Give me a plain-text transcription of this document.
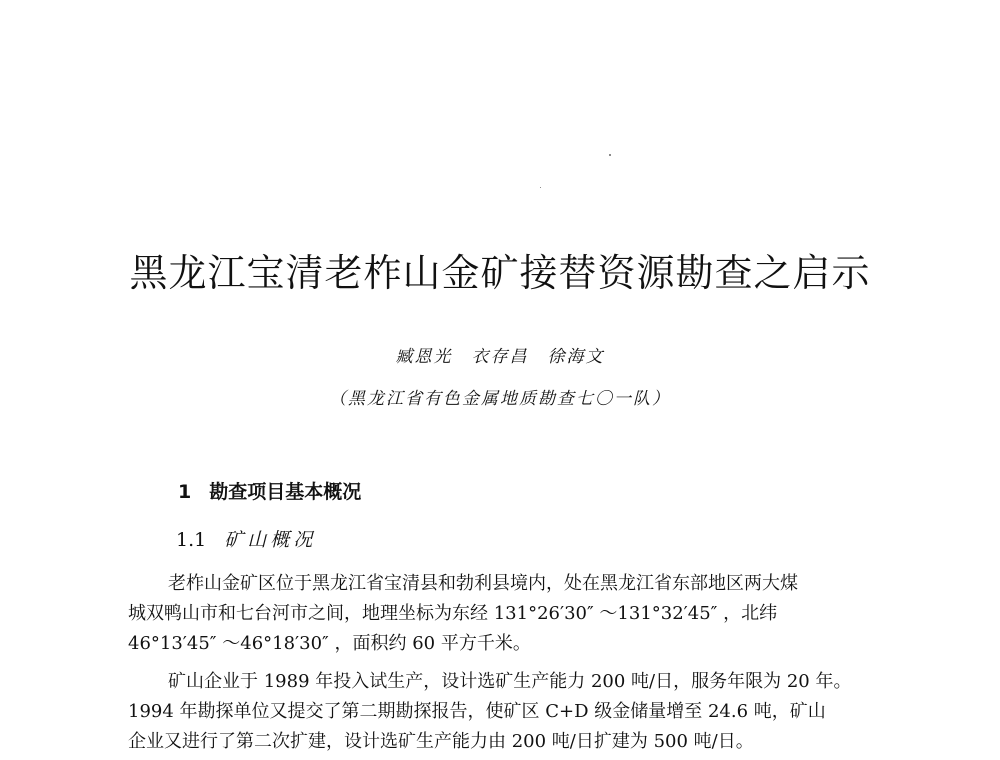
黑龙江宝清老柞山金矿接替资源勘查之启示
臧恩光　衣存昌　徐海文
（黑龙江省有色金属地质勘查七〇一队）
1 勘查项目基本概况
1.1 矿山概况
老柞山金矿区位于黑龙江省宝清县和勃利县境内，处在黑龙江省东部地区两大煤
城双鸭山市和七台河市之间，地理坐标为东经 131°26′30″ ～131°32′45″ ，北纬
46°13′45″ ～46°18′30″ ，面积约 60 平方千米。
矿山企业于 1989 年投入试生产，设计选矿生产能力 200 吨/日，服务年限为 20 年。
1994 年勘探单位又提交了第二期勘探报告，使矿区 C+D 级金储量增至 24.6 吨，矿山
企业又进行了第二次扩建，设计选矿生产能力由 200 吨/日扩建为 500 吨/日。
